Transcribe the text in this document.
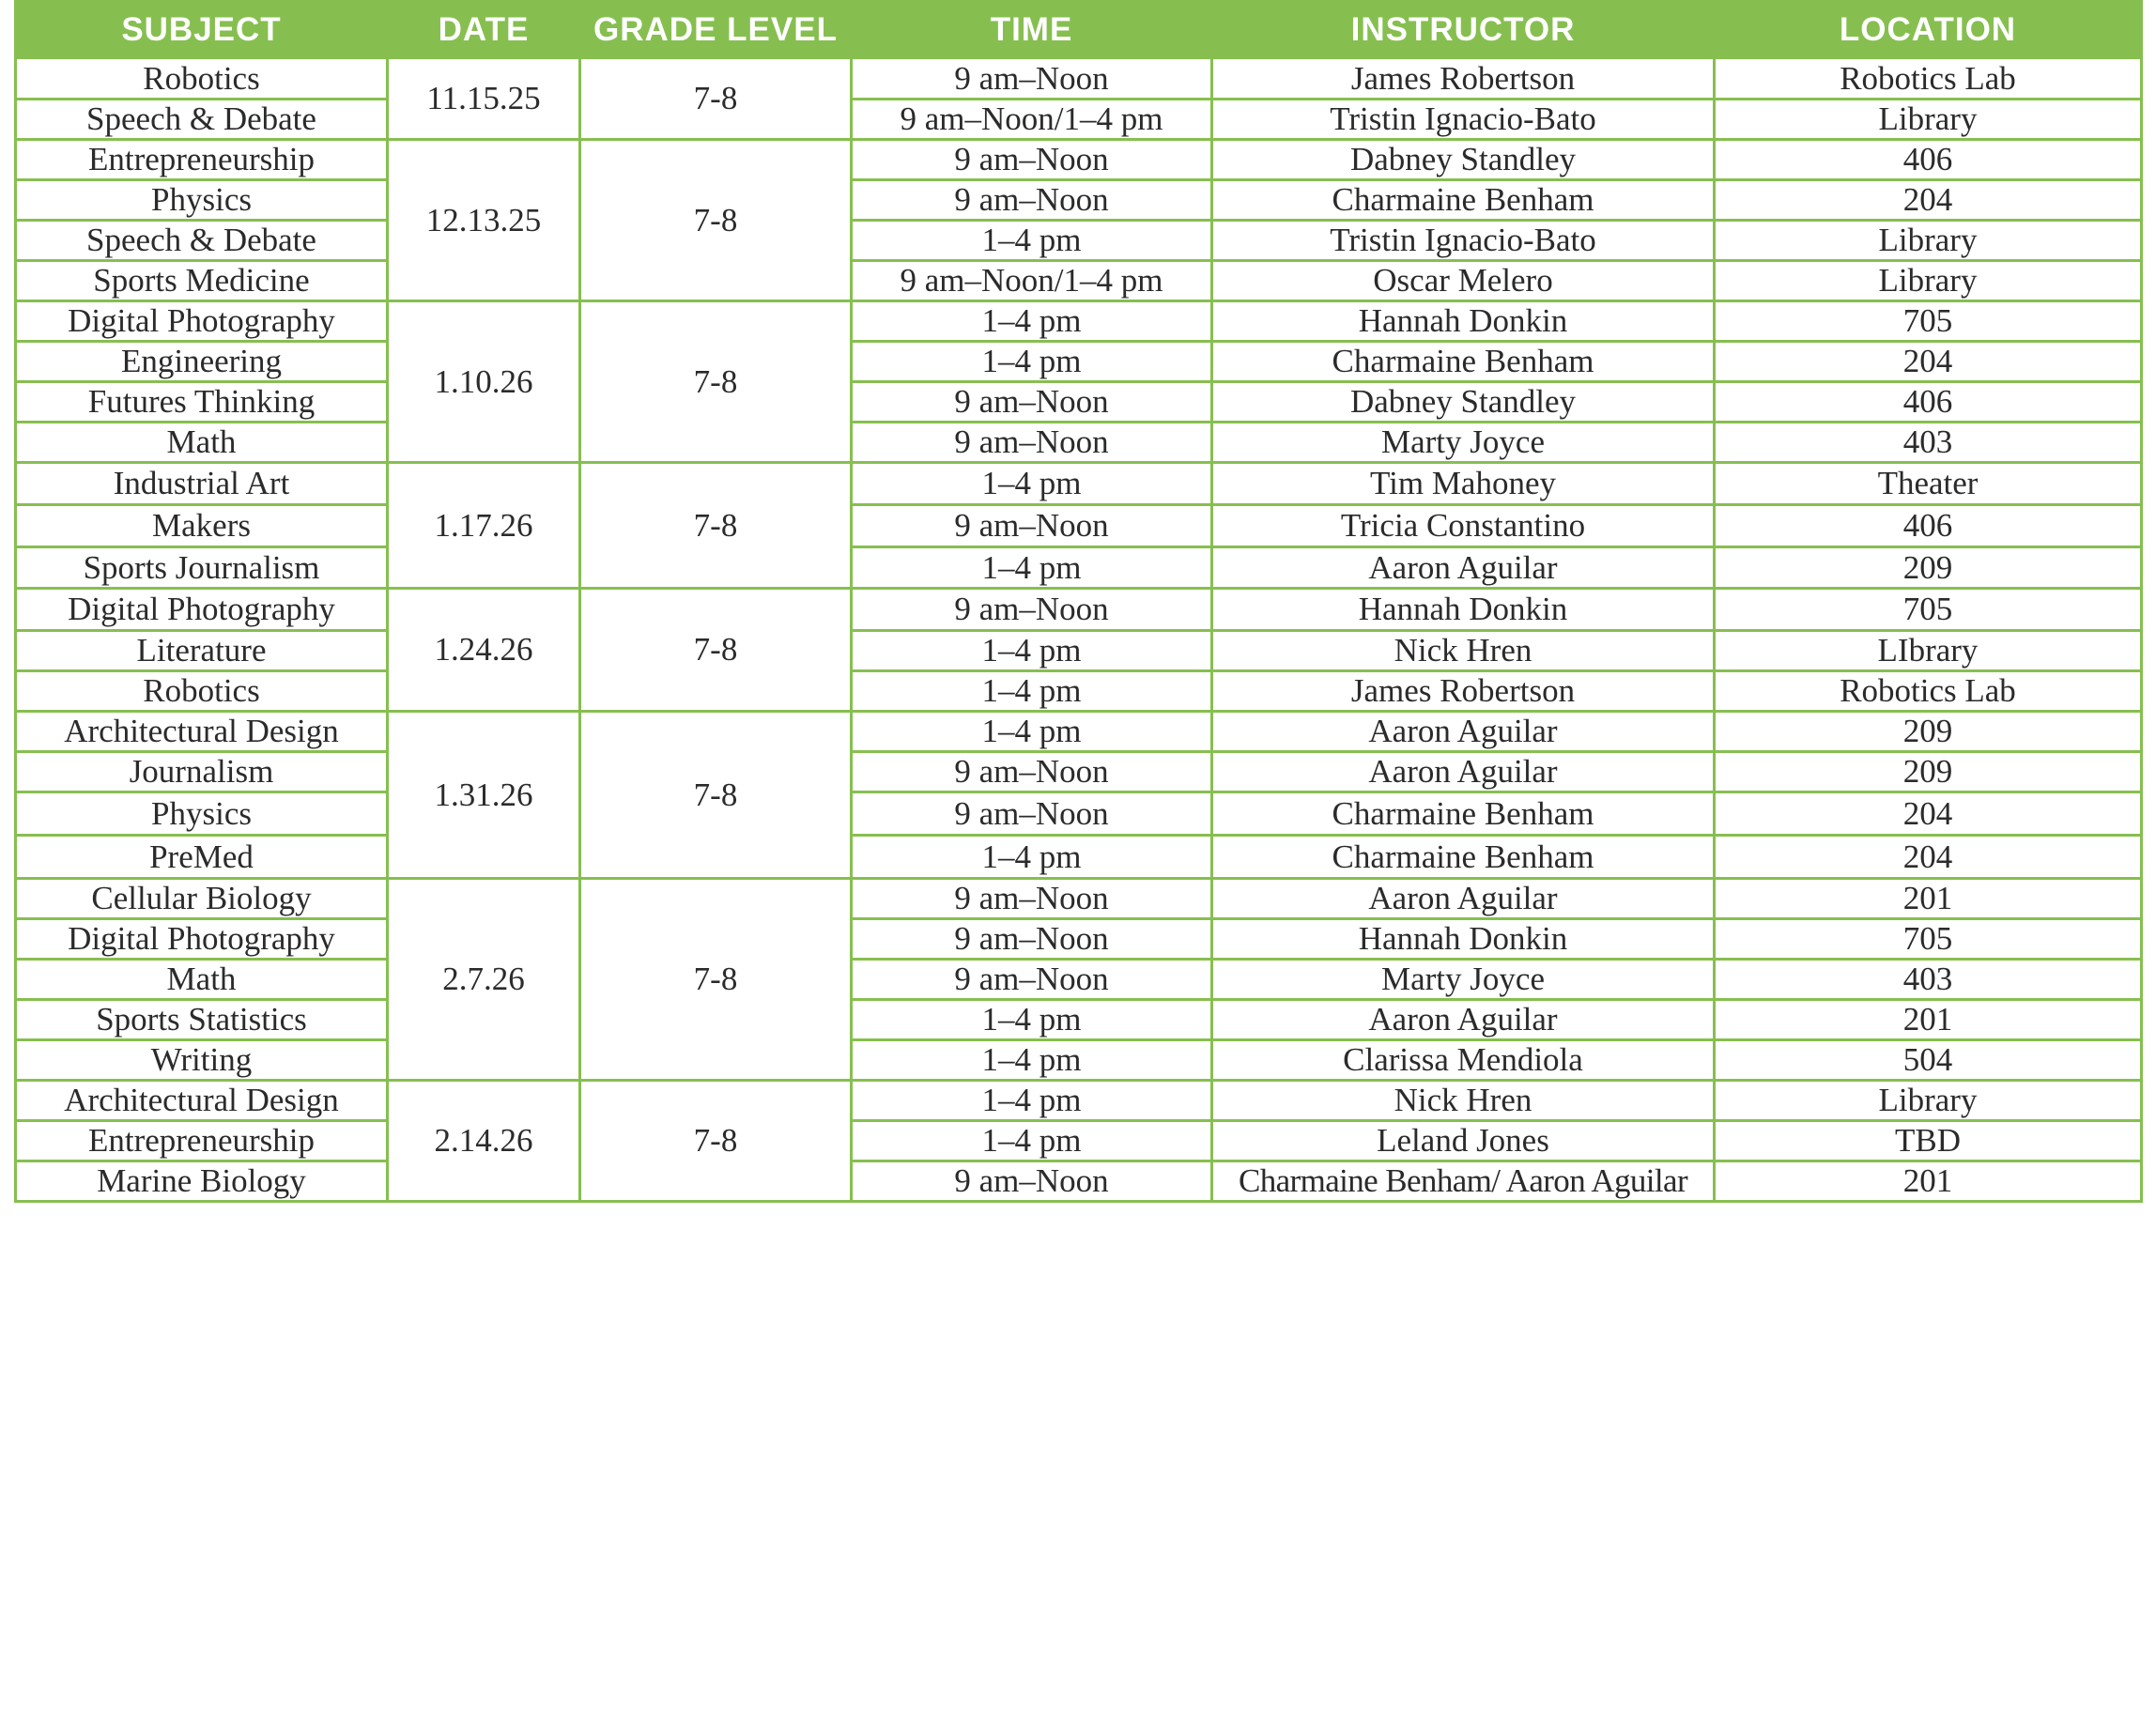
SUBJECT	DATE	GRADE LEVEL	TIME	INSTRUCTOR	LOCATION
Robotics	11.15.25	7-8	9 am–Noon	James Robertson	Robotics Lab
Speech & Debate			9 am–Noon/1–4 pm	Tristin Ignacio-Bato	Library
Entrepreneurship	12.13.25	7-8	9 am–Noon	Dabney Standley	406
Physics			9 am–Noon	Charmaine Benham	204
Speech & Debate			1–4 pm	Tristin Ignacio-Bato	Library
Sports Medicine			9 am–Noon/1–4 pm	Oscar Melero	Library
Digital Photography	1.10.26	7-8	1–4 pm	Hannah Donkin	705
Engineering			1–4 pm	Charmaine Benham	204
Futures Thinking			9 am–Noon	Dabney Standley	406
Math			9 am–Noon	Marty Joyce	403
Industrial Art	1.17.26	7-8	1–4 pm	Tim Mahoney	Theater
Makers			9 am–Noon	Tricia Constantino	406
Sports Journalism			1–4 pm	Aaron Aguilar	209
Digital Photography	1.24.26	7-8	9 am–Noon	Hannah Donkin	705
Literature			1–4 pm	Nick Hren	LIbrary
Robotics			1–4 pm	James Robertson	Robotics Lab
Architectural Design	1.31.26	7-8	1–4 pm	Aaron Aguilar	209
Journalism			9 am–Noon	Aaron Aguilar	209
Physics			9 am–Noon	Charmaine Benham	204
PreMed			1–4 pm	Charmaine Benham	204
Cellular Biology	2.7.26	7-8	9 am–Noon	Aaron Aguilar	201
Digital Photography			9 am–Noon	Hannah Donkin	705
Math			9 am–Noon	Marty Joyce	403
Sports Statistics			1–4 pm	Aaron Aguilar	201
Writing			1–4 pm	Clarissa Mendiola	504
Architectural Design	2.14.26	7-8	1–4 pm	Nick Hren	Library
Entrepreneurship			1–4 pm	Leland Jones	TBD
Marine Biology			9 am–Noon	Charmaine Benham/ Aaron Aguilar	201
